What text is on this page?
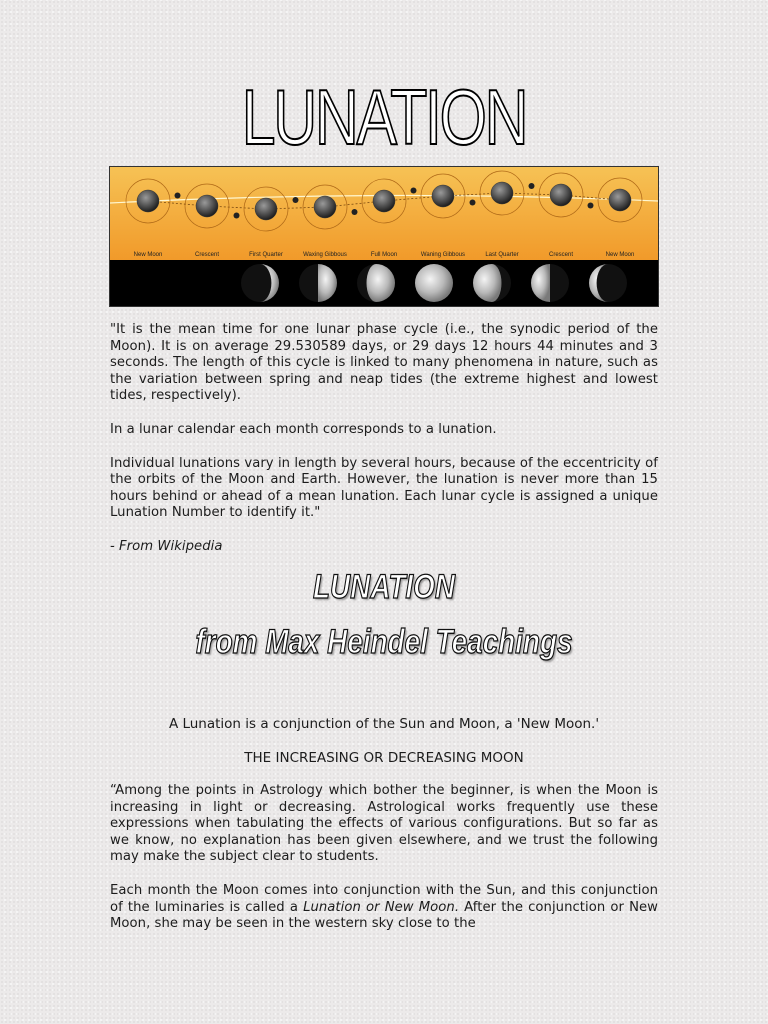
LUNATION
New Moon	Crescent	First Quarter	Waxing Gibbous	Full Moon	Waning Gibbous	Last Quarter	Crescent	New Moon

"It is the mean time for one lunar phase cycle (i.e., the synodic period of the Moon). It is on average 29.530589 days, or 29 days 12 hours 44 minutes and 3 seconds. The length of this cycle is linked to many phenomena in nature, such as the variation between spring and neap tides (the extreme highest and lowest tides, respectively).

In a lunar calendar each month corresponds to a lunation.

Individual lunations vary in length by several hours, because of the eccentricity of the orbits of the Moon and Earth. However, the lunation is never more than 15 hours behind or ahead of a mean lunation. Each lunar cycle is assigned a unique Lunation Number to identify it."

- From Wikipedia

LUNATION
from Max Heindel Teachings
A Lunation is a conjunction of the Sun and Moon, a 'New Moon.'
THE INCREASING OR DECREASING MOON

“Among the points in Astrology which bother the beginner, is when the Moon is increasing in light or decreasing. Astrological works frequently use these expressions when tabulating the effects of various configurations. But so far as we know, no explanation has been given elsewhere, and we trust the following may make the subject clear to students.

Each month the Moon comes into conjunction with the Sun, and this conjunction of the luminaries is called a Lunation or New Moon. After the conjunction or New Moon, she may be seen in the western sky close to the
